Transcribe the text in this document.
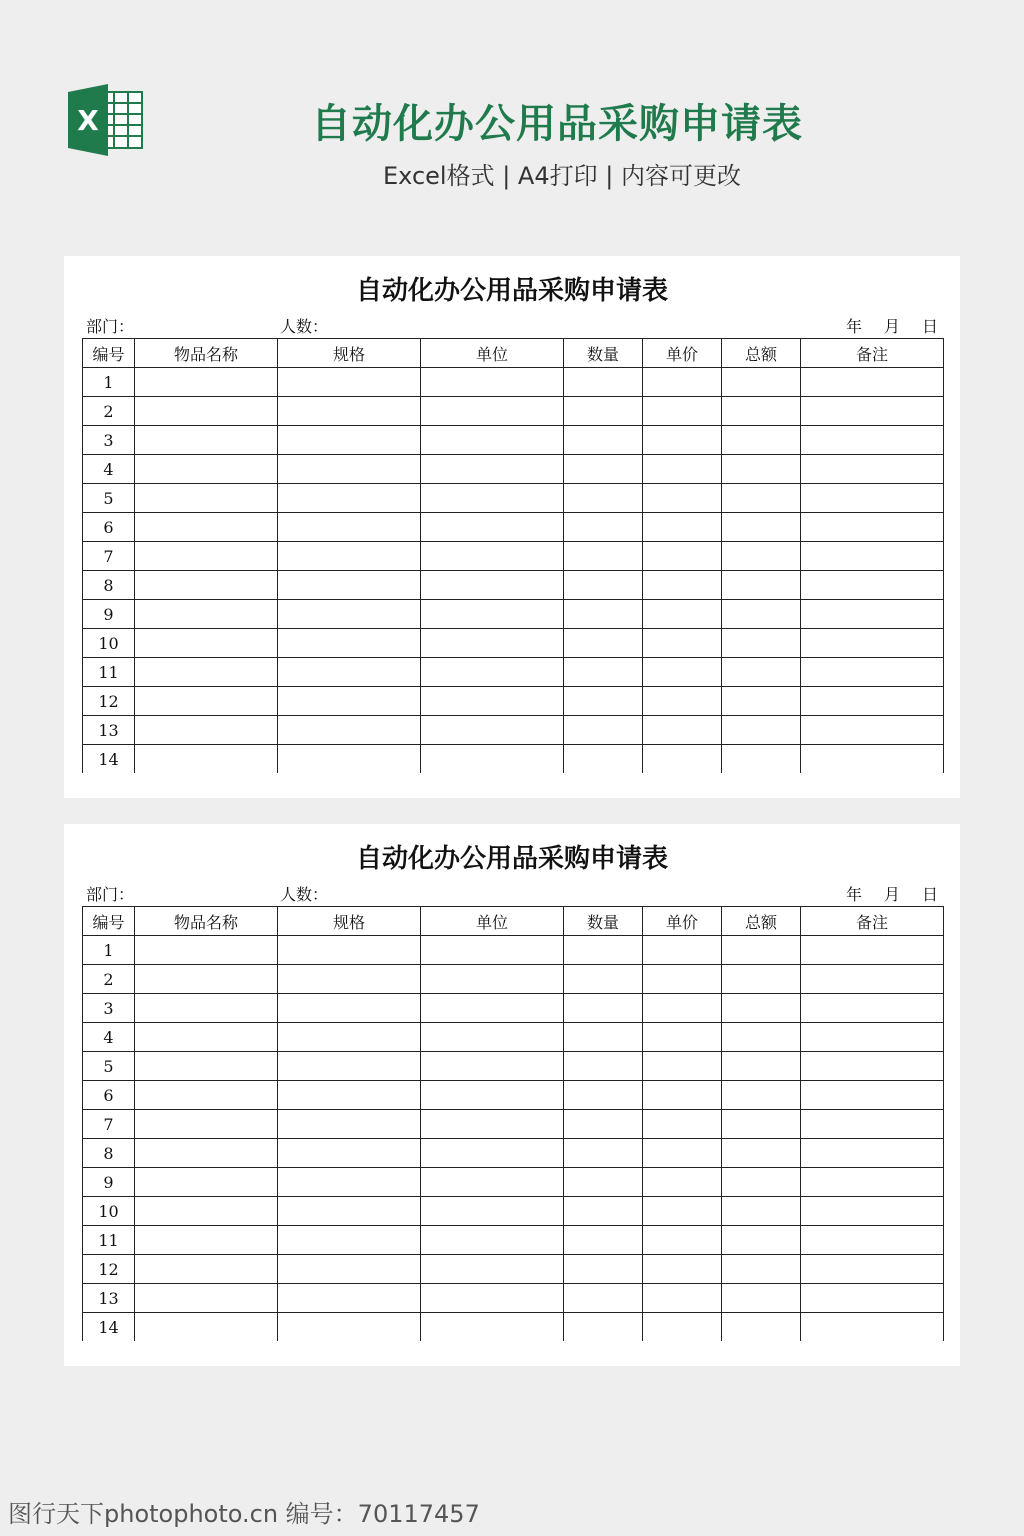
X	自动化办公用品采购申请表
Excel格式 | A4打印 | 内容可更改
自动化办公用品采购申请表
部门：	人数：	年 月 日
编号	物品名称	规格	单位	数量	单价	总额	备注
1							
2							
3							
4							
5							
6							
7							
8							
9							
10							
11							
12							
13							
14							
自动化办公用品采购申请表
部门：	人数：	年 月 日
编号	物品名称	规格	单位	数量	单价	总额	备注
1							
2							
3							
4							
5							
6							
7							
8							
9							
10							
11							
12							
13							
14							
图行天下photophoto.cn 编号：70117457
